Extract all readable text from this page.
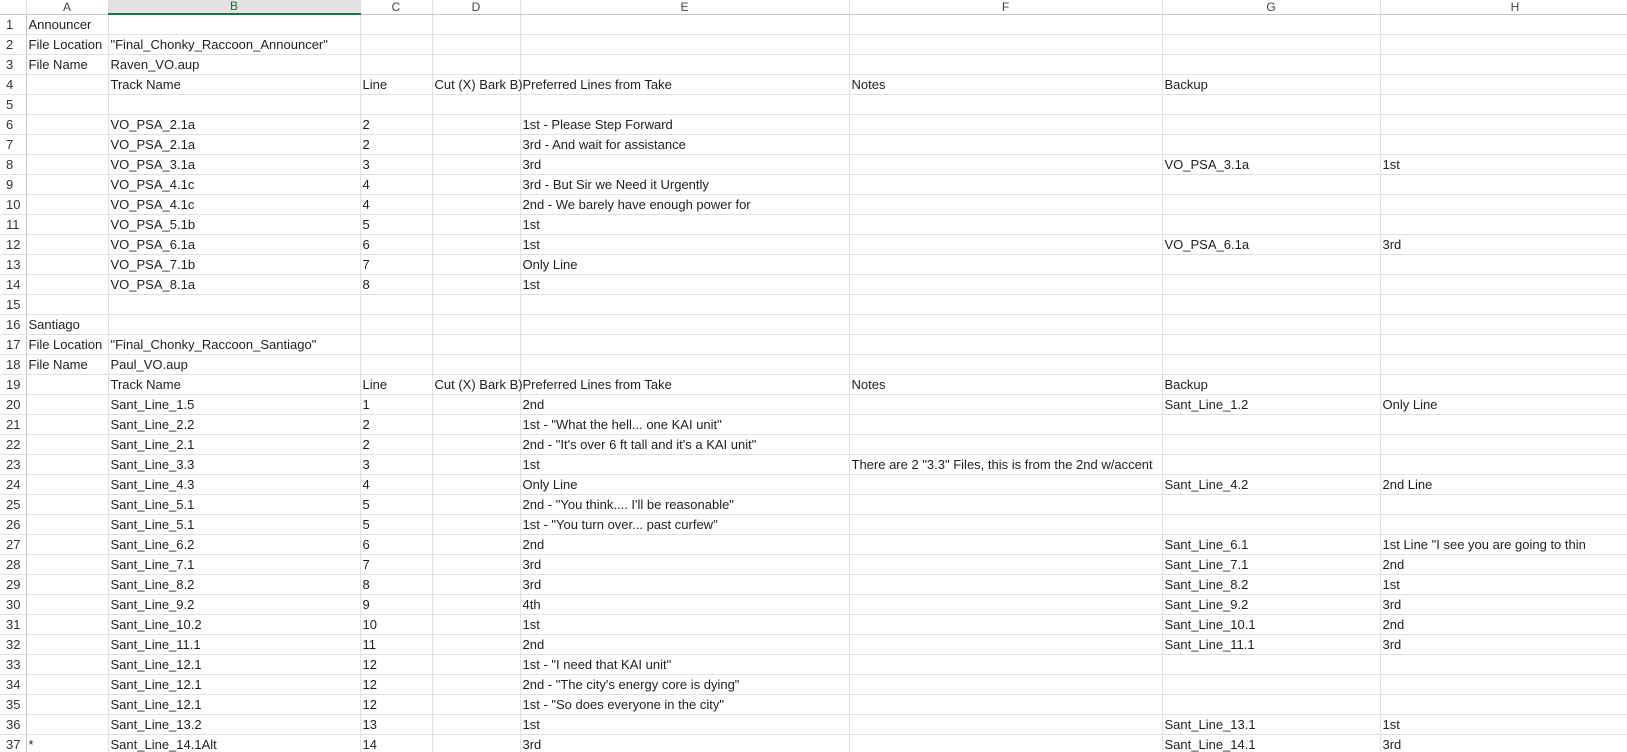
	A	B	C	D	E	F	G	H
1	Announcer							
2	File Location	"Final_Chonky_Raccoon_Announcer"						
3	File Name	Raven_VO.aup						
4		Track Name	Line	Cut (X) Bark B)	Preferred Lines from Take	Notes	Backup	
5								
6		VO_PSA_2.1a	2		1st - Please Step Forward			
7		VO_PSA_2.1a	2		3rd - And wait for assistance			
8		VO_PSA_3.1a	3		3rd		VO_PSA_3.1a	1st
9		VO_PSA_4.1c	4		3rd - But Sir we Need it Urgently			
10		VO_PSA_4.1c	4		2nd - We barely have enough power for			
11		VO_PSA_5.1b	5		1st			
12		VO_PSA_6.1a	6		1st		VO_PSA_6.1a	3rd
13		VO_PSA_7.1b	7		Only Line			
14		VO_PSA_8.1a	8		1st			
15								
16	Santiago							
17	File Location	"Final_Chonky_Raccoon_Santiago"						
18	File Name	Paul_VO.aup						
19		Track Name	Line	Cut (X) Bark B)	Preferred Lines from Take	Notes	Backup	
20		Sant_Line_1.5	1		2nd		Sant_Line_1.2	Only Line
21		Sant_Line_2.2	2		1st - "What the hell... one KAI unit"			
22		Sant_Line_2.1	2		2nd - "It's over 6 ft tall and it's a KAI unit"			
23		Sant_Line_3.3	3		1st	There are 2 "3.3" Files, this is from the 2nd w/accent		
24		Sant_Line_4.3	4		Only Line		Sant_Line_4.2	2nd Line
25		Sant_Line_5.1	5		2nd - "You think.... I'll be reasonable"			
26		Sant_Line_5.1	5		1st - "You turn over... past curfew"			
27		Sant_Line_6.2	6		2nd		Sant_Line_6.1	1st Line "I see you are going to thin
28		Sant_Line_7.1	7		3rd		Sant_Line_7.1	2nd
29		Sant_Line_8.2	8		3rd		Sant_Line_8.2	1st
30		Sant_Line_9.2	9		4th		Sant_Line_9.2	3rd
31		Sant_Line_10.2	10		1st		Sant_Line_10.1	2nd
32		Sant_Line_11.1	11		2nd		Sant_Line_11.1	3rd
33		Sant_Line_12.1	12		1st - "I need that KAI unit"			
34		Sant_Line_12.1	12		2nd - "The city's energy core is dying"			
35		Sant_Line_12.1	12		1st - "So does everyone in the city"			
36		Sant_Line_13.2	13		1st		Sant_Line_13.1	1st
37	*	Sant_Line_14.1Alt	14		3rd		Sant_Line_14.1	3rd
